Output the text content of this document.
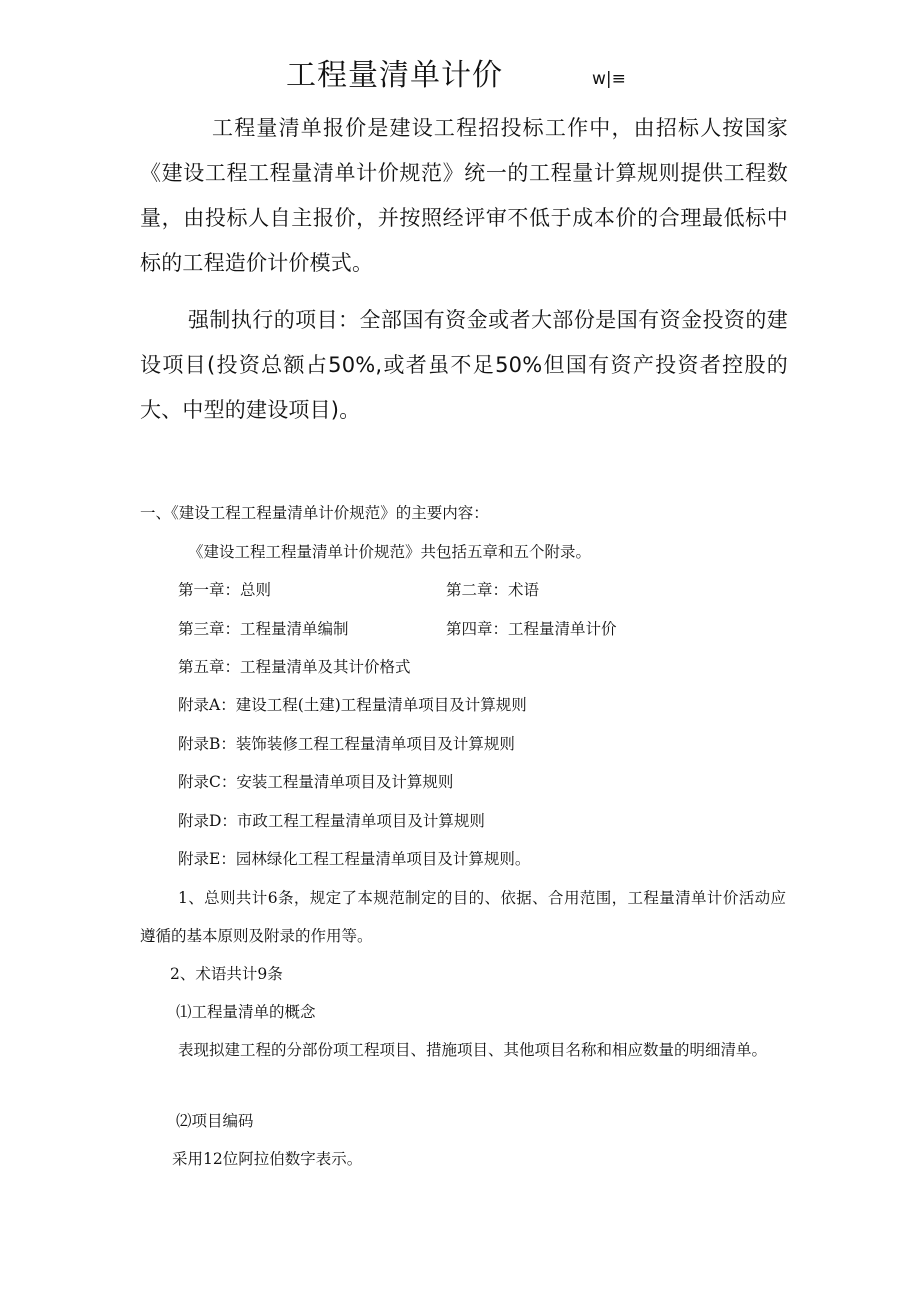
工程量清单计价	w|≡

工程量清单报价是建设工程招投标工作中，由招标人按国家《建设工程工程量清单计价规范》统一的工程量计算规则提供工程数量，由投标人自主报价，并按照经评审不低于成本价的合理最低标中标的工程造价计价模式。

强制执行的项目：全部国有资金或者大部份是国有资金投资的建设项目(投资总额占50%,或者虽不足50%但国有资产投资者控股的大、中型的建设项目)。

一、《建设工程工程量清单计价规范》的主要内容：
《建设工程工程量清单计价规范》共包括五章和五个附录。
第一章：总则	第二章：术语
第三章：工程量清单编制	第四章：工程量清单计价
第五章：工程量清单及其计价格式
附录A：建设工程(土建)工程量清单项目及计算规则
附录B：装饰装修工程工程量清单项目及计算规则
附录C：安装工程量清单项目及计算规则
附录D：市政工程工程量清单项目及计算规则
附录E：园林绿化工程工程量清单项目及计算规则。

1、总则共计6条，规定了本规范制定的目的、依据、合用范围，工程量清单计价活动应遵循的基本原则及附录的作用等。

2、术语共计9条
⑴工程量清单的概念

表现拟建工程的分部份项工程项目、措施项目、其他项目名称和相应数量的明细清单。

⑵项目编码
采用12位阿拉伯数字表示。
